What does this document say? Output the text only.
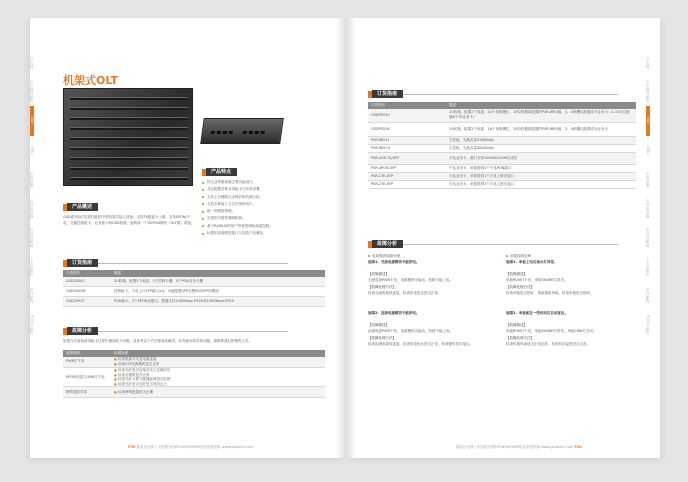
以太网
以太网交换机
OLT
ONU
光收发器
光纤收发器
协议转换器
工业交换机
光纤配线
POE交换机
机架式OLT
产品特点
符合业界最高端主要功能设计。
灵活配置各种业务板卡与应用部署。
支持上行链路冗余保护和负载分担。
支持多种接入方式识别的用户。
统一的网络管理。
完善的可靠性保障机制。
基于RADIUS的用户带宽管理和流量控制。
标准的设备网管接口与同类产品兼容。
产品概述
GSD系列OLT是高性能的中型机架式接入设备，支持TE级板卡上联，支持EPON/千兆，交换控制板卡、业务板卡和GSD机箱一起构成一个GEPON网络（OLT端）系统。
订货指南
订货型号	描述
GSD2000C	2U机箱，配置2个电源，2个控制卡槽，4个PON业务卡槽
GSD2000M	控制板卡，千兆上行SFP端口×4，可接配置SFP光模块或SFP电模块
GSD2092T	PON板卡，2个EPON光端口，数据支持1000Base-PX20或1000Base-PX10
故障分析
如您在安装和使用板卡过程中遇到如下问题，请参考以下方法排查或解决，如有疑问或异常问题，请联系我们的销售人员。
故障现象	检测处理
PWR灯不亮	■ 检查电源开关及电源连接
■ 检查OLT电源模块是否正常

EPON光接口LINK灯不亮	■ 检查光纤是否连接及光口正确对应
■ 检查光模块是否正常
■ 检查光纤长度与配置距离是否匹配
■ 检查光纤是否完好是否弯折过大

网络通信异常	■ 检查网络配置是否正确
P39 熙普达光网 | 中国领先的EPON/GPON网络设备提供商 www.gsdoltm.com
以太网
以太网交换机
OLT
ONU
光收发器
光纤收发器
协议转换器
工业交换机
光纤配线
POE交换机
订货指南
订货型号	描述
GSDP5510	1U机箱，配置2个电源，10个单板槽位，1块2档模拟配置的PSR-WEU板，3、4块槽位配置成为业务卡（1-10可以配置8个TE业务卡）
GSDP5516	1U机箱，配置2个电源，16个单板槽位，1块2档模拟配置的PSR-WEU板，3、4块槽位配置成为业务卡
PSR-WEU1	主控板，交换容量256Gbit/s
PSR-WEU II	主控板，交换容量384Gbit/s
PSR-4GE-TX/SFP	万兆业务卡，端口支持1000M/100M自适应
PSR-4PON-SFP	千兆业务卡，单板提供4个千兆PON端口
PSR-1TE-XFP	万兆业务卡，单板提供1个万兆上联光接口
PSR-2TE-XFP	万兆业务卡，单板提供2个万兆上联光接口
故障分析
电源模块故障处理
故障1：交流电源模块不能供电。
【故障描述】
交流电源PWR不亮，电源模块无输出，机箱不能上电。
【故障处理方法】
检查交流电源线连接，检查供电电压是否正常。
故障2：直流电源模块不能供电。
【故障描述】
直流电源PWR不亮，电源模块无输出，机箱不能上电。
【故障处理方法】
检查直流电源线连接，检查供电电压是否正常，检查极性是否接反。
单板故障处理
故障1：单板上电后指示灯异常。
【故障描述】
单板RUN灯不亮，单板SHARE灯常亮。
【故障处理方法】
检查单板是否插好，重新插拔单板，检查单板是否损坏。
故障2：单板能在一些时间后自动复位。
【故障描述】
单板RUN灯不亮，单板SHARE灯常亮，单板LINK灯关闭。
【故障处理方法】
检查机箱风扇是否正常运转，检查机房温度是否过高。
熙普达光网 | 中国领先的EPON/GPON网络设备提供商 www.gsdoltm.com P40
